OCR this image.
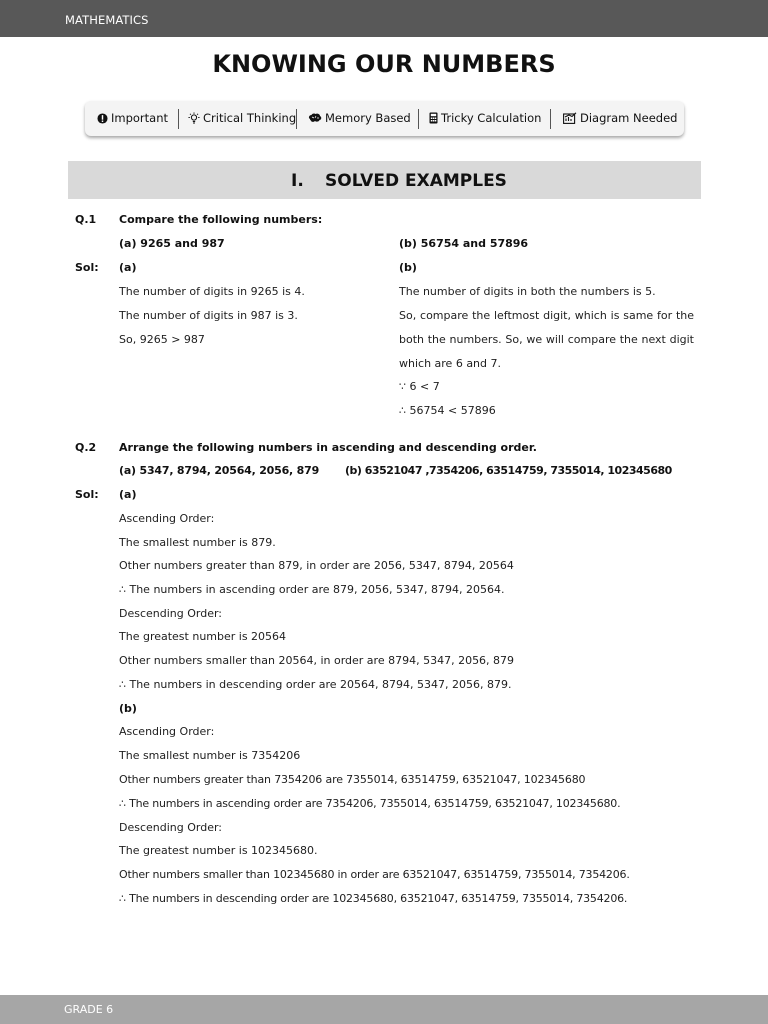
MATHEMATICS
KNOWING OUR NUMBERS
Important	Critical Thinking	Memory Based	Tricky Calculation	Diagram Needed
I. SOLVED EXAMPLES
Q.1 Compare the following numbers:
(a) 9265 and 987	(b) 56754 and 57896
Sol: (a)	(b)
The number of digits in 9265 is 4.
The number of digits in 987 is 3.
So, 9265 > 987
The number of digits in both the numbers is 5.
So, compare the leftmost digit, which is same for the
both the numbers. So, we will compare the next digit
which are 6 and 7.
∵ 6 < 7
∴ 56754 < 57896
Q.2 Arrange the following numbers in ascending and descending order.
(a) 5347, 8794, 20564, 2056, 879 (b) 63521047 ,7354206, 63514759, 7355014, 102345680
Sol: (a)
Ascending Order:
The smallest number is 879.
Other numbers greater than 879, in order are 2056, 5347, 8794, 20564
∴ The numbers in ascending order are 879, 2056, 5347, 8794, 20564.
Descending Order:
The greatest number is 20564
Other numbers smaller than 20564, in order are 8794, 5347, 2056, 879
∴ The numbers in descending order are 20564, 8794, 5347, 2056, 879.
(b)
Ascending Order:
The smallest number is 7354206
Other numbers greater than 7354206 are 7355014, 63514759, 63521047, 102345680
∴ The numbers in ascending order are 7354206, 7355014, 63514759, 63521047, 102345680.
Descending Order:
The greatest number is 102345680.
Other numbers smaller than 102345680 in order are 63521047, 63514759, 7355014, 7354206.
∴ The numbers in descending order are 102345680, 63521047, 63514759, 7355014, 7354206.
GRADE 6
